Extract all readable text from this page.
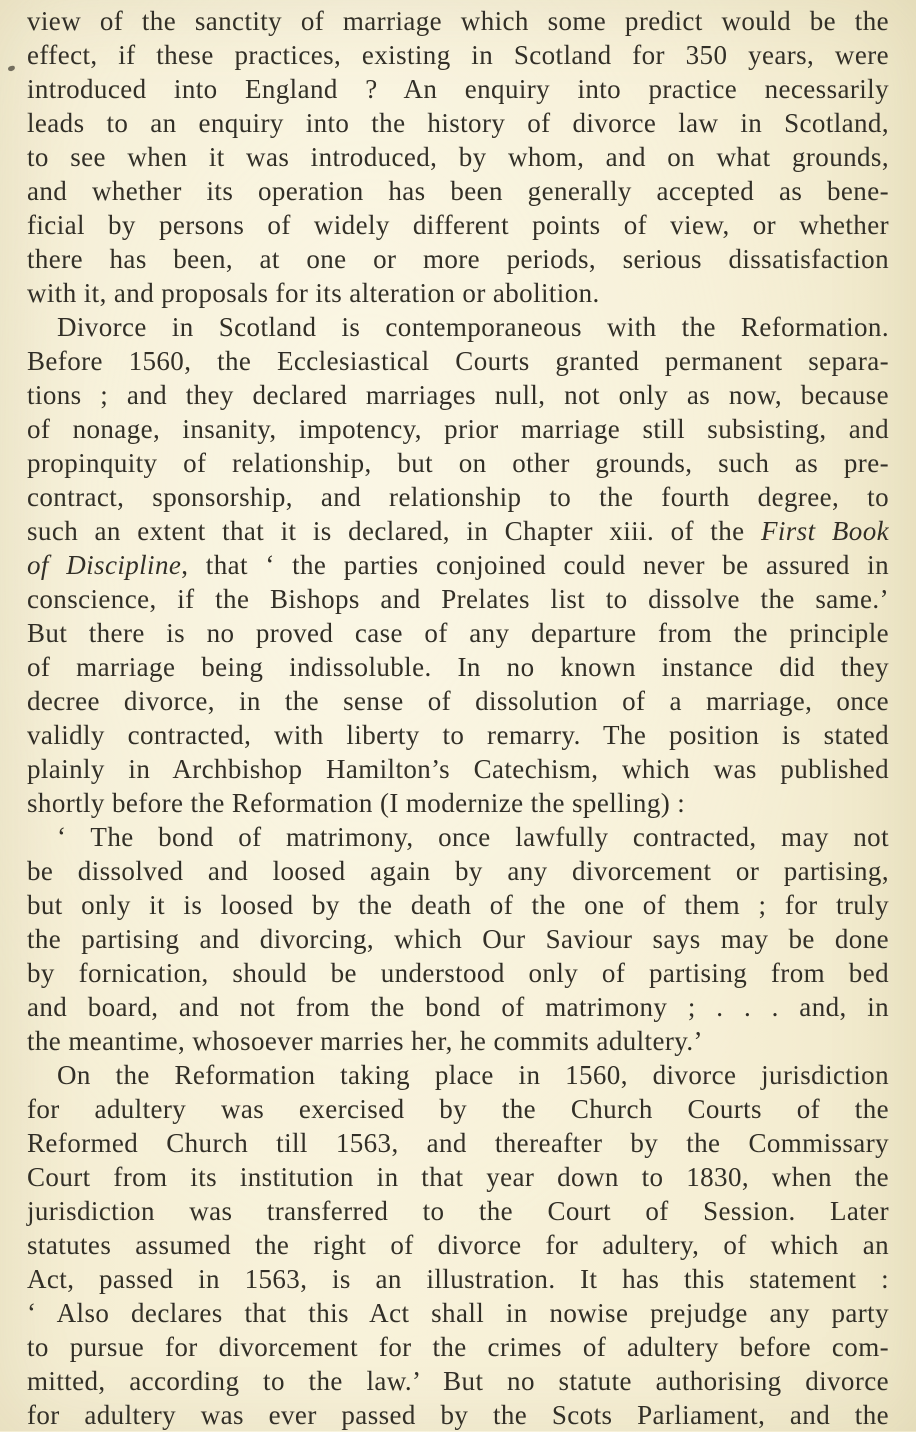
view of the sanctity of marriage which some predict would be the
effect, if these practices, existing in Scotland for 350 years, were
introduced into England ? An enquiry into practice necessarily
leads to an enquiry into the history of divorce law in Scotland,
to see when it was introduced, by whom, and on what grounds,
and whether its operation has been generally accepted as bene-
ficial by persons of widely different points of view, or whether
there has been, at one or more periods, serious dissatisfaction
with it, and proposals for its alteration or abolition.
Divorce in Scotland is contemporaneous with the Reformation.
Before 1560, the Ecclesiastical Courts granted permanent separa-
tions ; and they declared marriages null, not only as now, because
of nonage, insanity, impotency, prior marriage still subsisting, and
propinquity of relationship, but on other grounds, such as pre-
contract, sponsorship, and relationship to the fourth degree, to
such an extent that it is declared, in Chapter xiii. of the First Book
of Discipline, that ‘ the parties conjoined could never be assured in
conscience, if the Bishops and Prelates list to dissolve the same.’
But there is no proved case of any departure from the principle
of marriage being indissoluble. In no known instance did they
decree divorce, in the sense of dissolution of a marriage, once
validly contracted, with liberty to remarry. The position is stated
plainly in Archbishop Hamilton’s Catechism, which was published
shortly before the Reformation (I modernize the spelling) :
‘ The bond of matrimony, once lawfully contracted, may not
be dissolved and loosed again by any divorcement or partising,
but only it is loosed by the death of the one of them ; for truly
the partising and divorcing, which Our Saviour says may be done
by fornication, should be understood only of partising from bed
and board, and not from the bond of matrimony ; . . . and, in
the meantime, whosoever marries her, he commits adultery.’
On the Reformation taking place in 1560, divorce jurisdiction
for adultery was exercised by the Church Courts of the
Reformed Church till 1563, and thereafter by the Commissary
Court from its institution in that year down to 1830, when the
jurisdiction was transferred to the Court of Session. Later
statutes assumed the right of divorce for adultery, of which an
Act, passed in 1563, is an illustration. It has this statement :
‘ Also declares that this Act shall in nowise prejudge any party
to pursue for divorcement for the crimes of adultery before com-
mitted, according to the law.’ But no statute authorising divorce
for adultery was ever passed by the Scots Parliament, and the
